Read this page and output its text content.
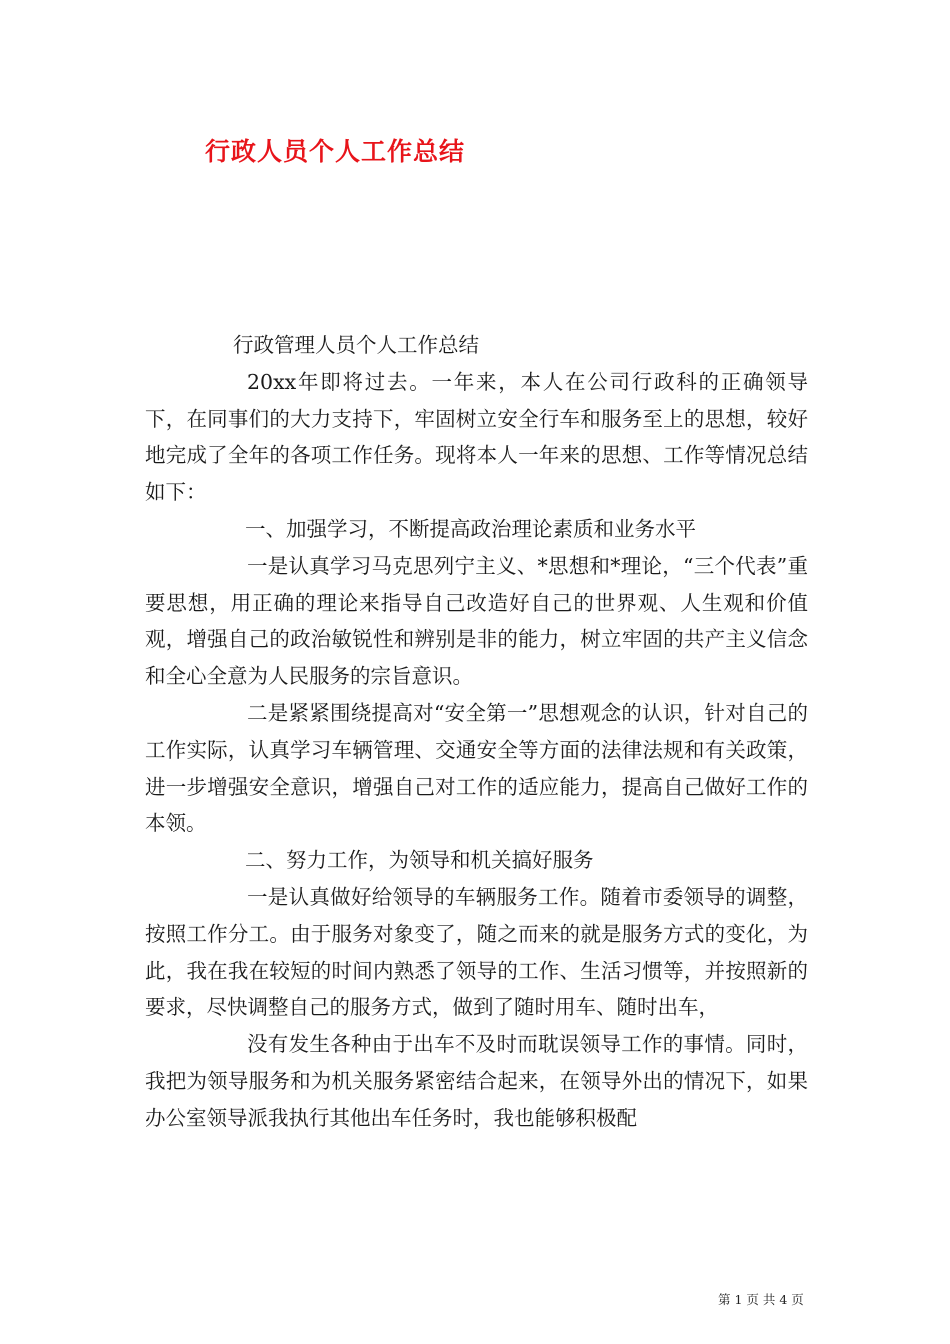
行政人员个人工作总结

行政管理人员个人工作总结

20xx年即将过去。一年来，本人在公司行政科的正确领导下，在同事们的大力支持下，牢固树立安全行车和服务至上的思想，较好地完成了全年的各项工作任务。现将本人一年来的思想、工作等情况总结如下：

一、加强学习，不断提高政治理论素质和业务水平

一是认真学习马克思列宁主义、*思想和*理论，“三个代表”重要思想，用正确的理论来指导自己改造好自己的世界观、人生观和价值观，增强自己的政治敏锐性和辨别是非的能力，树立牢固的共产主义信念和全心全意为人民服务的宗旨意识。

二是紧紧围绕提高对“安全第一”思想观念的认识，针对自己的工作实际，认真学习车辆管理、交通安全等方面的法律法规和有关政策，进一步增强安全意识，增强自己对工作的适应能力，提高自己做好工作的本领。

二、努力工作，为领导和机关搞好服务

一是认真做好给领导的车辆服务工作。随着市委领导的调整，按照工作分工。由于服务对象变了，随之而来的就是服务方式的变化，为此，我在我在较短的时间内熟悉了领导的工作、生活习惯等，并按照新的要求，尽快调整自己的服务方式，做到了随时用车、随时出车，

没有发生各种由于出车不及时而耽误领导工作的事情。同时，我把为领导服务和为机关服务紧密结合起来，在领导外出的情况下，如果办公室领导派我执行其他出车任务时，我也能够积极配

第 1 页 共 4 页
